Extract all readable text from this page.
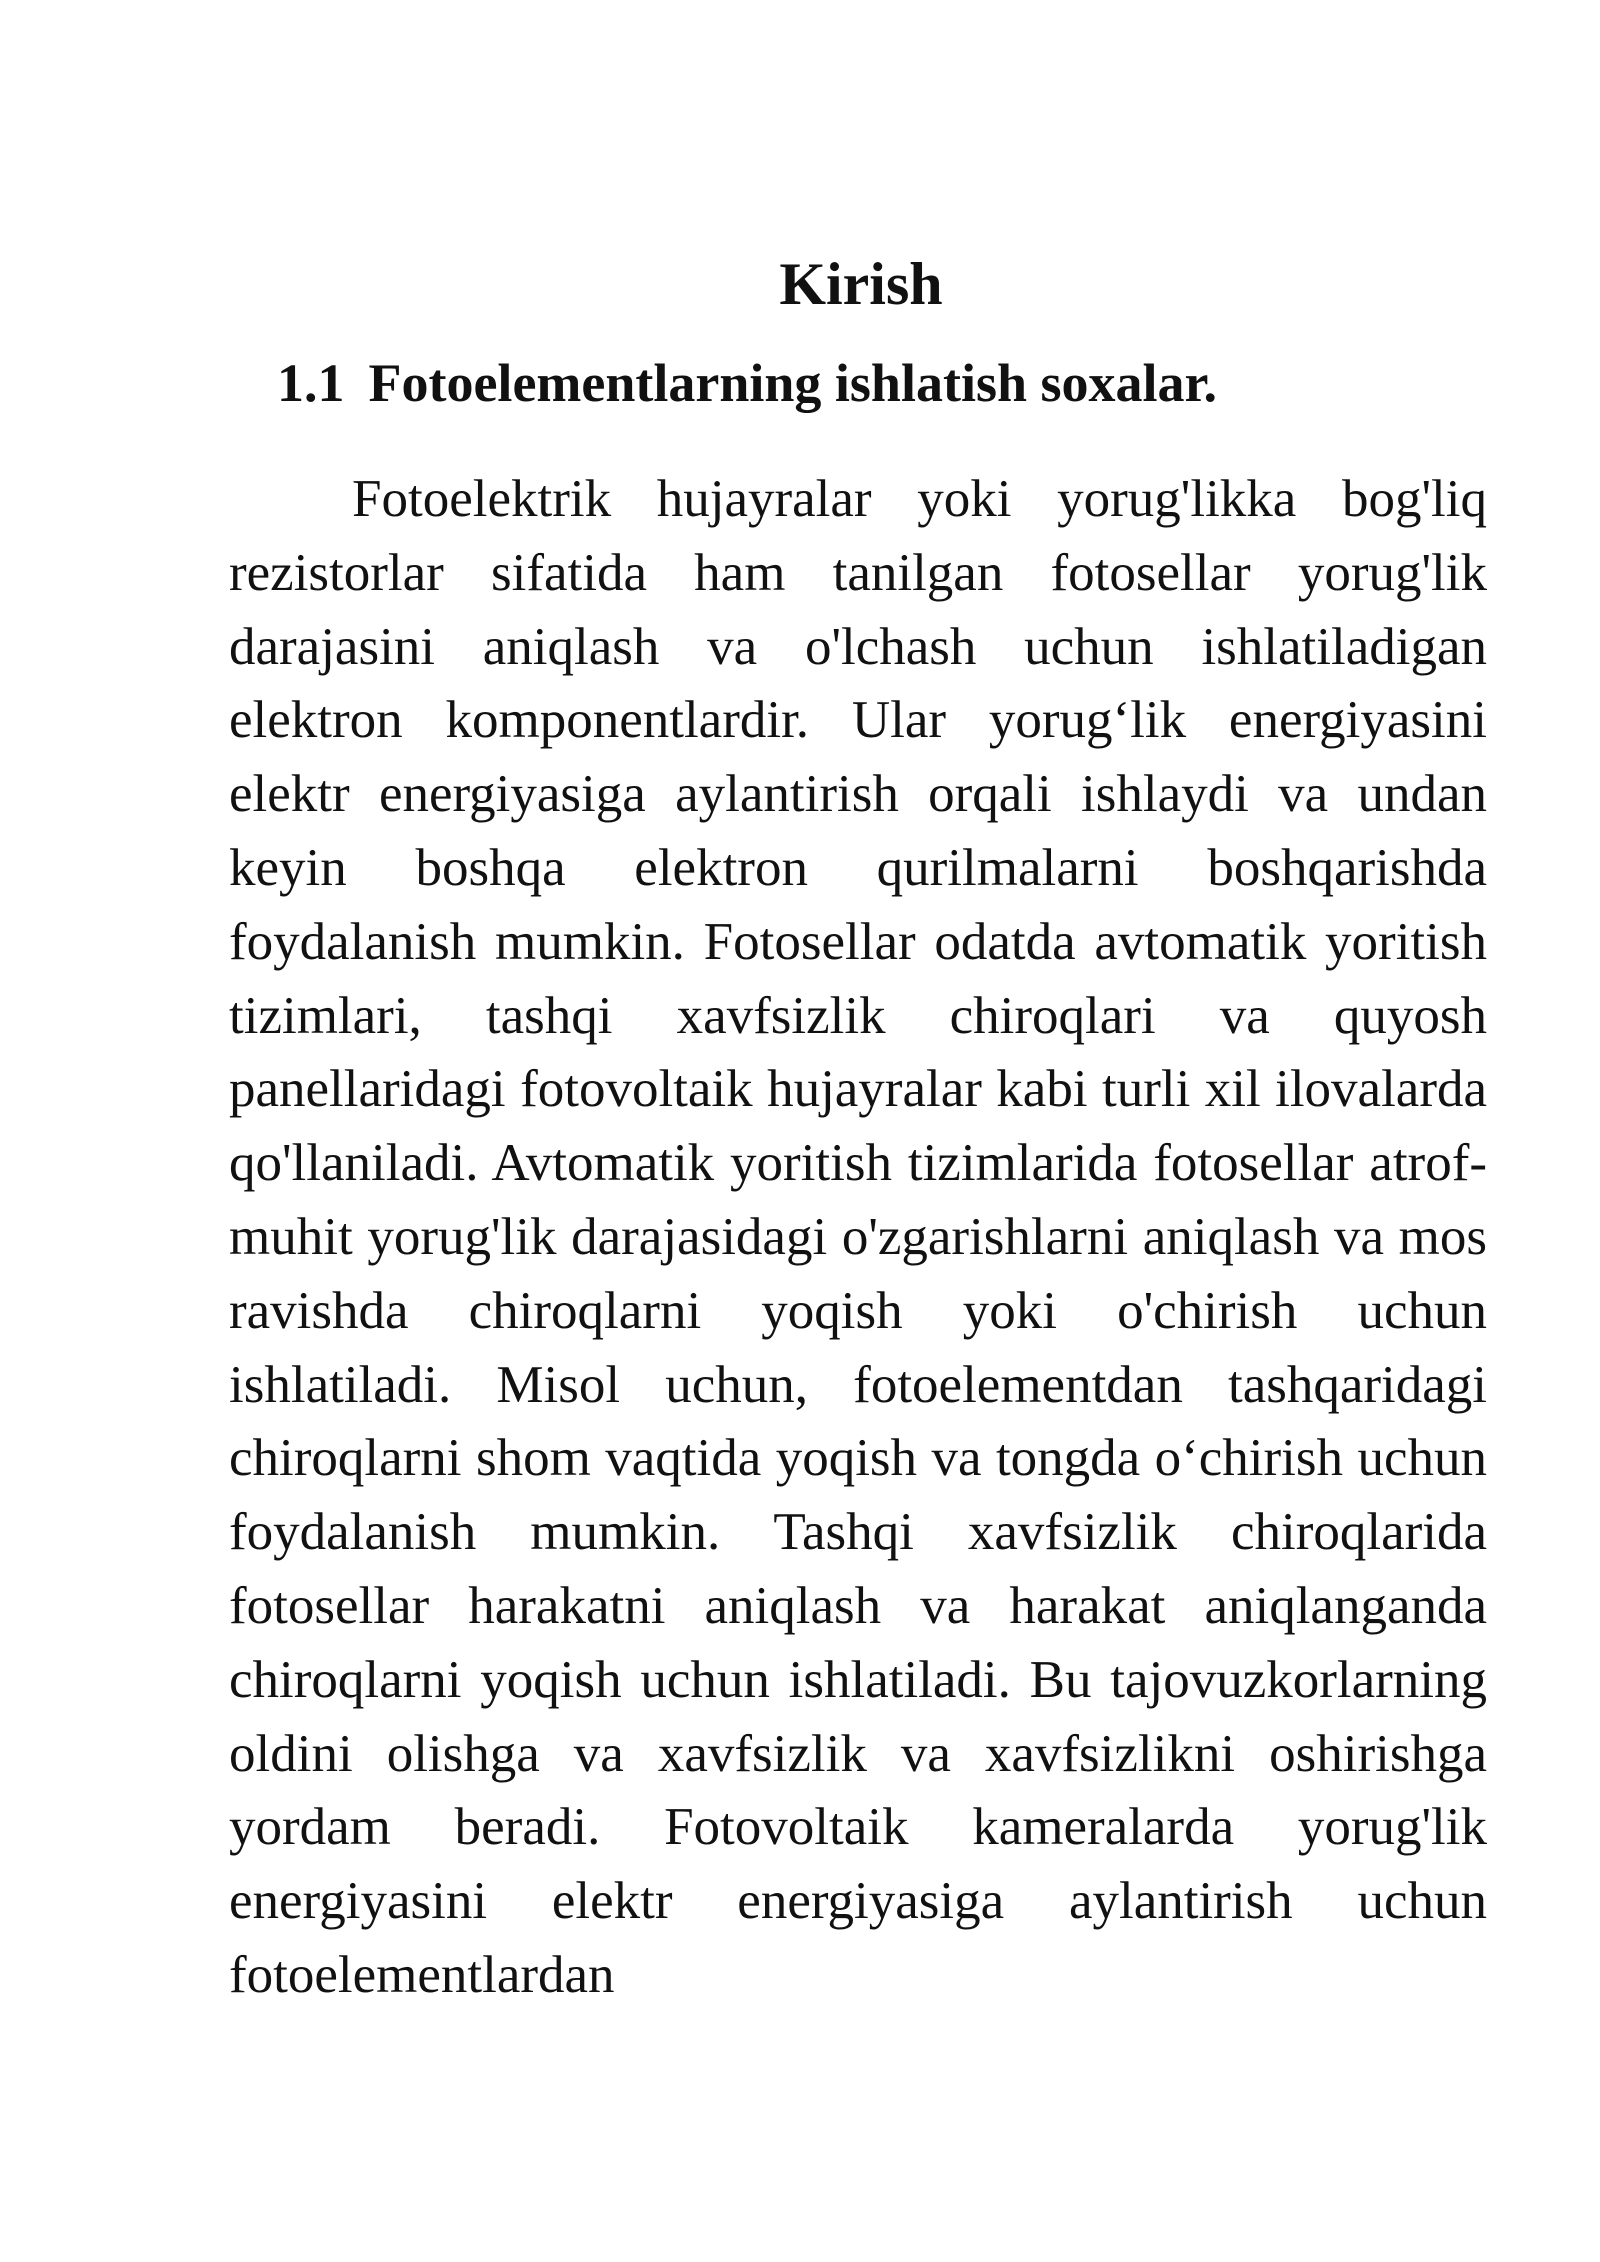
Kirish
1.1 Fotoelementlarning ishlatish soxalar.

Fotoelektrik hujayralar yoki yorug'likka bog'liq rezistorlar sifatida ham tanilgan fotosellar yorug'lik darajasini aniqlash va o'lchash uchun ishlatiladigan elektron komponentlardir. Ular yorug‘lik energiyasini elektr energiyasiga aylantirish orqali ishlaydi va undan keyin boshqa elektron qurilmalarni boshqarishda foydalanish mumkin. Fotosellar odatda avtomatik yoritish tizimlari, tashqi xavfsizlik chiroqlari va quyosh panellaridagi fotovoltaik hujayralar kabi turli xil ilovalarda qo'llaniladi. Avtomatik yoritish tizimlarida fotosellar atrof-muhit yorug'lik darajasidagi o'zgarishlarni aniqlash va mos ravishda chiroqlarni yoqish yoki o'chirish uchun ishlatiladi. Misol uchun, fotoelementdan tashqaridagi chiroqlarni shom vaqtida yoqish va tongda o‘chirish uchun foydalanish mumkin. Tashqi xavfsizlik chiroqlarida fotosellar harakatni aniqlash va harakat aniqlanganda chiroqlarni yoqish uchun ishlatiladi. Bu tajovuzkorlarning oldini olishga va xavfsizlik va xavfsizlikni oshirishga yordam beradi. Fotovoltaik kameralarda yorug'lik energiyasini elektr energiyasiga aylantirish uchun fotoelementlardan
